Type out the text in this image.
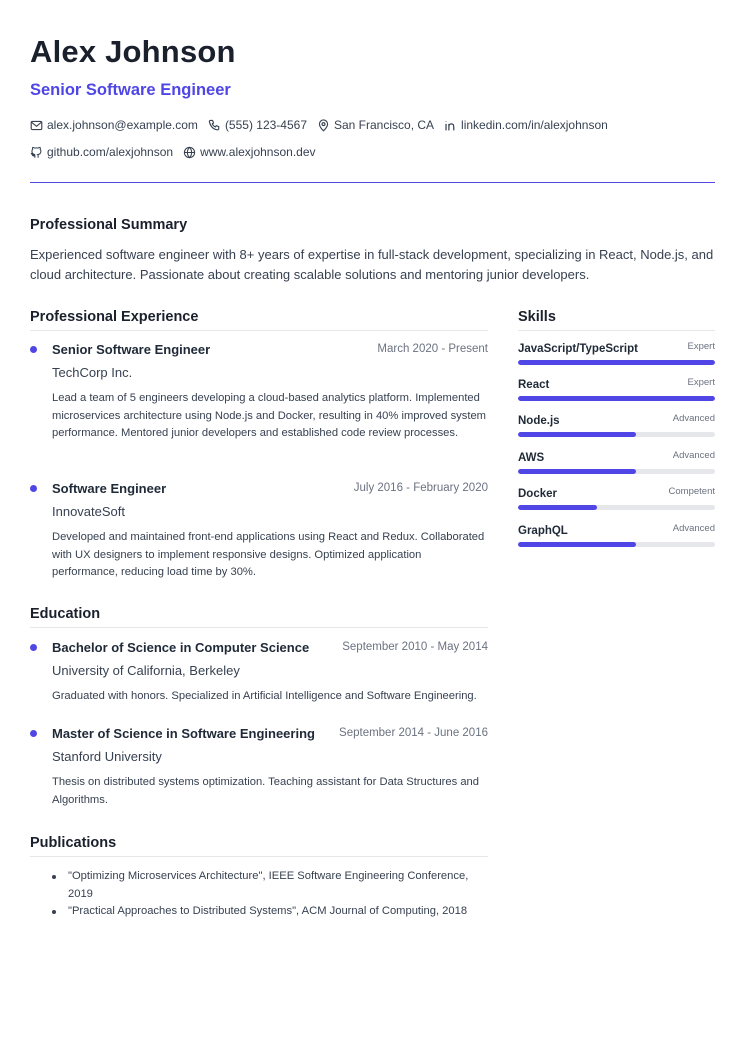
Alex Johnson
Senior Software Engineer
alex.johnson@example.com (555) 123-4567 San Francisco, CA linkedin.com/in/alexjohnson
github.com/alexjohnson www.alexjohnson.dev
Professional Summary

Experienced software engineer with 8+ years of expertise in full-stack development, specializing in React, Node.js, and cloud architecture. Passionate about creating scalable solutions and mentoring junior developers.

Professional Experience
Senior Software Engineer	March 2020 - Present
TechCorp Inc.

Lead a team of 5 engineers developing a cloud-based analytics platform. Implemented microservices architecture using Node.js and Docker, resulting in 40% improved system performance. Mentored junior developers and established code review processes.

Software Engineer	July 2016 - February 2020
InnovateSoft

Developed and maintained front-end applications using React and Redux. Collaborated with UX designers to implement responsive designs. Optimized application performance, reducing load time by 30%.

Education
Bachelor of Science in Computer Science	September 2010 - May 2014
University of California, Berkeley

Graduated with honors. Specialized in Artificial Intelligence and Software Engineering.

Master of Science in Software Engineering September 2014 - June 2016
Stanford University

Thesis on distributed systems optimization. Teaching assistant for Data Structures and Algorithms.

Publications
"Optimizing Microservices Architecture", IEEE Software Engineering Conference, 2019
"Practical Approaches to Distributed Systems", ACM Journal of Computing, 2018
Skills
JavaScript/TypeScript	Expert
React	Expert
Node.js	Advanced
AWS	Advanced
Docker	Competent
GraphQL	Advanced
